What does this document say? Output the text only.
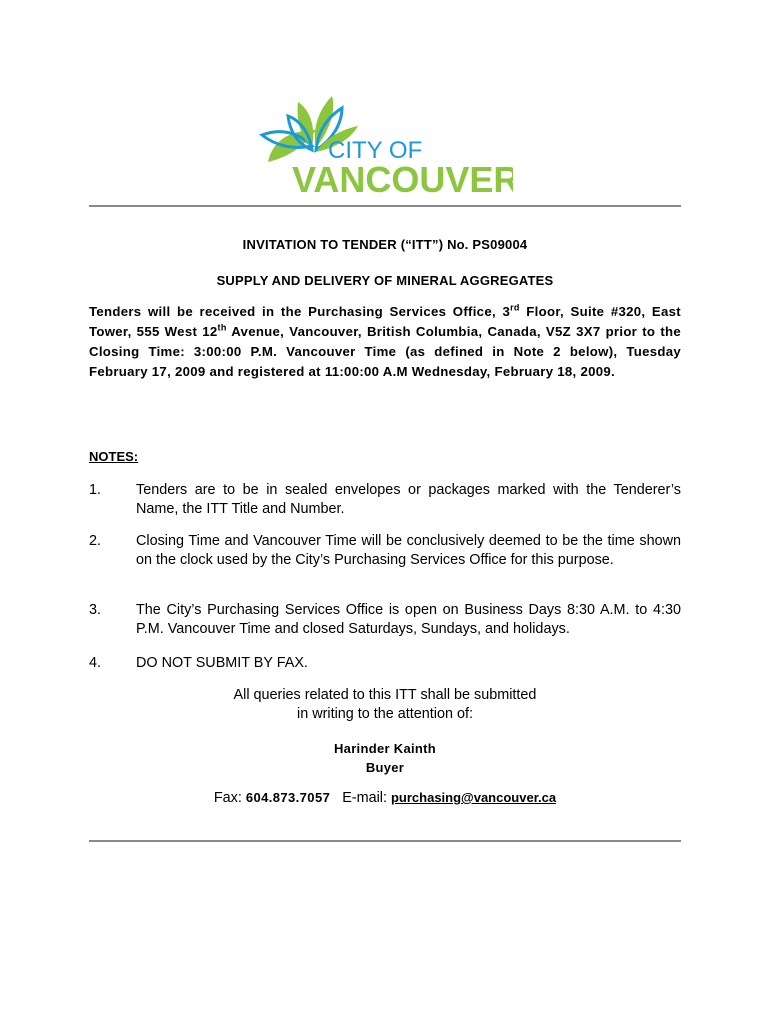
CITY OF
VANCOUVER
INVITATION TO TENDER (“ITT”) No. PS09004
SUPPLY AND DELIVERY OF MINERAL AGGREGATES
Tenders will be received in the Purchasing Services Office, 3rd Floor, Suite #320, East Tower, 555 West 12th Avenue, Vancouver, British Columbia, Canada, V5Z 3X7 prior to the Closing Time: 3:00:00 P.M. Vancouver Time (as defined in Note 2 below), Tuesday February 17, 2009 and registered at 11:00:00 A.M Wednesday, February 18, 2009.
NOTES:
1. Tenders are to be in sealed envelopes or packages marked with the Tenderer’s Name, the ITT Title and Number.
2. Closing Time and Vancouver Time will be conclusively deemed to be the time shown on the clock used by the City’s Purchasing Services Office for this purpose.
3. The City’s Purchasing Services Office is open on Business Days 8:30 A.M. to 4:30 P.M. Vancouver Time and closed Saturdays, Sundays, and holidays.
4. DO NOT SUBMIT BY FAX.
All queries related to this ITT shall be submitted
in writing to the attention of:
Harinder Kainth
Buyer
Fax: 604.873.7057 E-mail: purchasing@vancouver.ca
